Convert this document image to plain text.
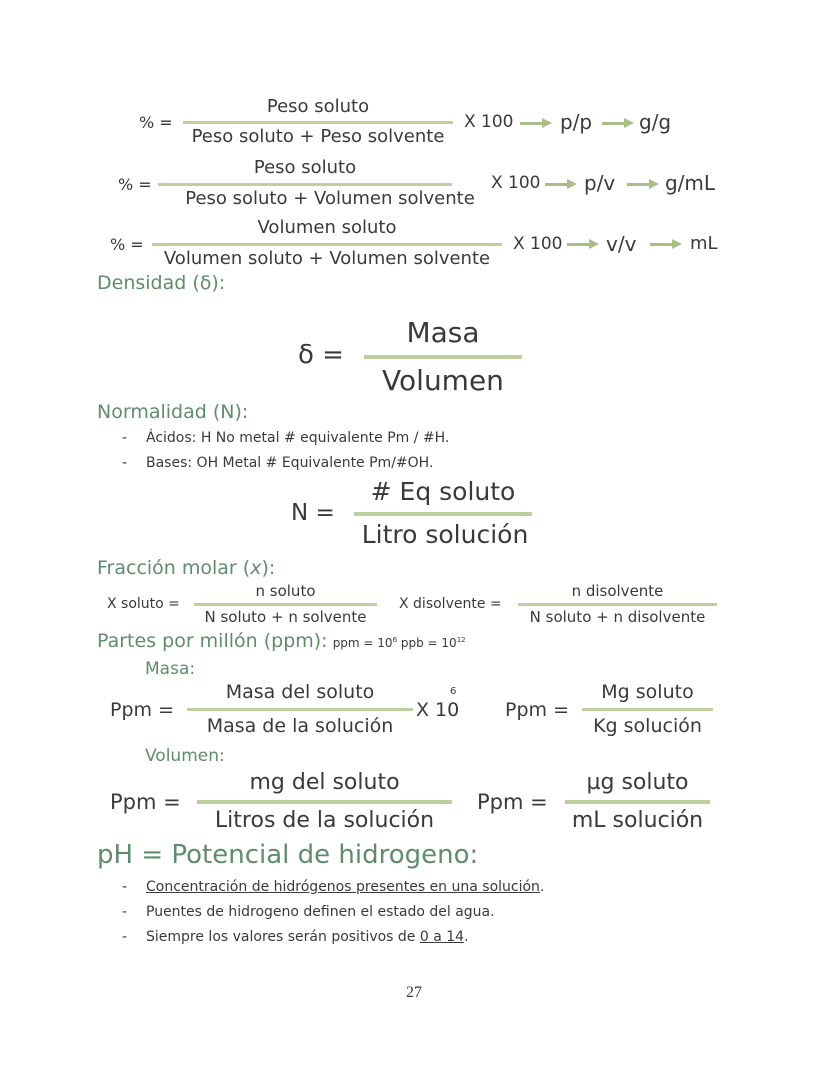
% =
Peso soluto
Peso soluto + Peso solvente
X 100 p/p g/g
% =
Peso soluto
Peso soluto + Volumen solvente
X 100 p/v g/mL
% =
Volumen soluto
Volumen soluto + Volumen solvente
X 100 v/v	mL
Densidad (δ):
δ =
Masa
Volumen
Normalidad (N):
- Ácidos: H No metal # equivalente Pm / #H.
- Bases: OH Metal # Equivalente Pm/#OH.
N =
# Eq soluto
Litro solución
Fracción molar (x):
X soluto =
n soluto
N soluto + n solvente
X disolvente =
n disolvente
N soluto + n disolvente
Partes por millón (ppm): ppm = $10^6$ ppb = $10^{12}$
Masa:
Ppm =
Masa del soluto
Masa de la solución
X 10
6
Ppm =
Mg soluto
Kg solución
Volumen:
Ppm =
mg del soluto
Litros de la solución
Ppm =
µg soluto
mL solución
pH = Potencial de hidrogeno:
- Concentración de hidrógenos presentes en una solución.
- Puentes de hidrogeno definen el estado del agua.
- Siempre los valores serán positivos de 0 a 14.
27
